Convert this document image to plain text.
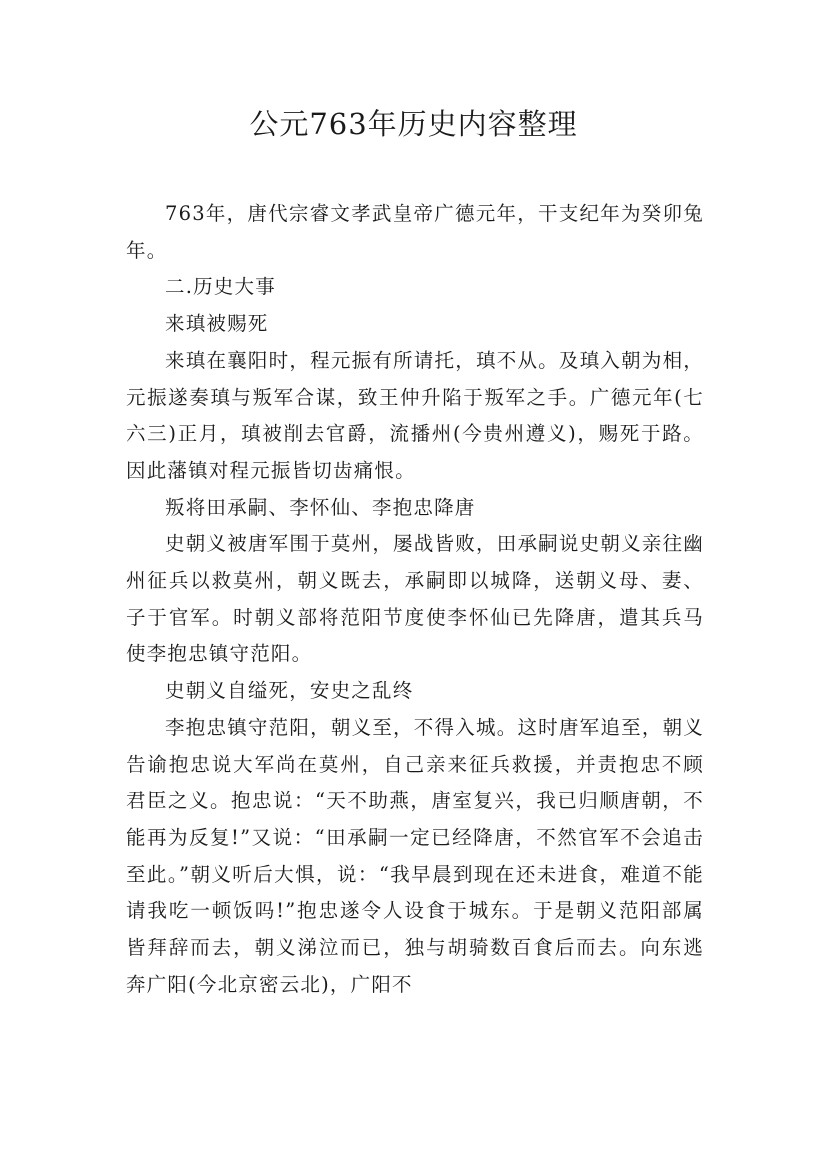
公元763年历史内容整理

763年，唐代宗睿文孝武皇帝广德元年，干支纪年为癸卯兔年。

二.历史大事

来瑱被赐死

来瑱在襄阳时，程元振有所请托，瑱不从。及瑱入朝为相，元振遂奏瑱与叛军合谋，致王仲升陷于叛军之手。广德元年(七六三)正月，瑱被削去官爵，流播州(今贵州遵义)，赐死于路。因此藩镇对程元振皆切齿痛恨。

叛将田承嗣、李怀仙、李抱忠降唐

史朝义被唐军围于莫州，屡战皆败，田承嗣说史朝义亲往幽州征兵以救莫州，朝义既去，承嗣即以城降，送朝义母、妻、子于官军。时朝义部将范阳节度使李怀仙已先降唐，遣其兵马使李抱忠镇守范阳。

史朝义自缢死，安史之乱终

李抱忠镇守范阳，朝义至，不得入城。这时唐军追至，朝义告谕抱忠说大军尚在莫州，自己亲来征兵救援，并责抱忠不顾君臣之义。抱忠说：“天不助燕，唐室复兴，我已归顺唐朝，不能再为反复!”又说：“田承嗣一定已经降唐，不然官军不会追击至此。”朝义听后大惧，说：“我早晨到现在还未进食，难道不能请我吃一顿饭吗!”抱忠遂令人设食于城东。于是朝义范阳部属皆拜辞而去，朝义涕泣而已，独与胡骑数百食后而去。向东逃奔广阳(今北京密云北)，广阳不
